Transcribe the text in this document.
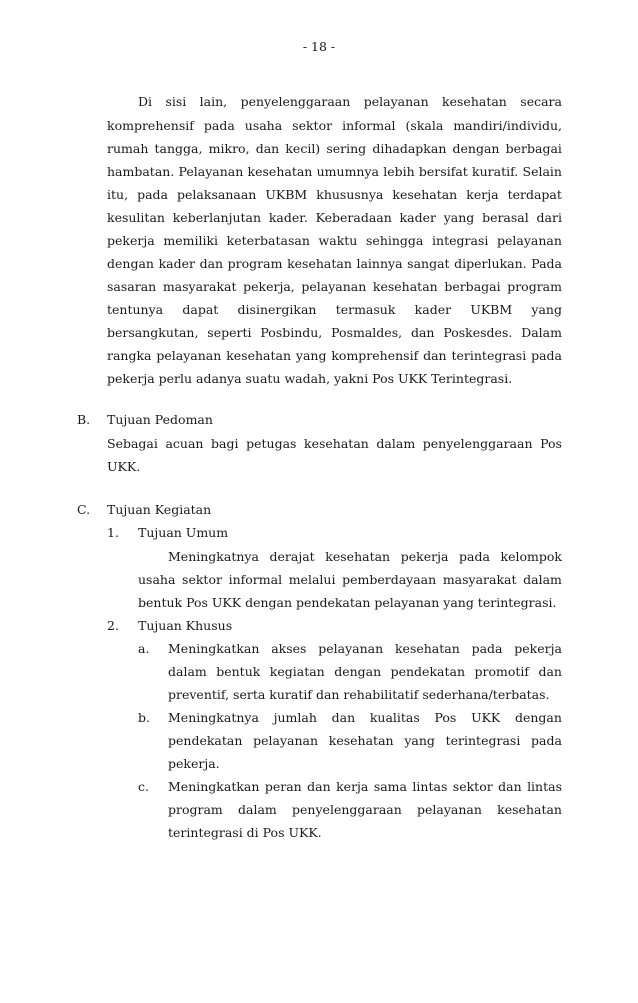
- 18 -
Di sisi lain, penyelenggaraan pelayanan kesehatan secara
komprehensif pada usaha sektor informal (skala mandiri/individu,
rumah tangga, mikro, dan kecil) sering dihadapkan dengan berbagai
hambatan. Pelayanan kesehatan umumnya lebih bersifat kuratif. Selain
itu, pada pelaksanaan UKBM khususnya kesehatan kerja terdapat
kesulitan keberlanjutan kader. Keberadaan kader yang berasal dari
pekerja memiliki keterbatasan waktu sehingga integrasi pelayanan
dengan kader dan program kesehatan lainnya sangat diperlukan. Pada
sasaran masyarakat pekerja, pelayanan kesehatan berbagai program
tentunya dapat disinergikan termasuk kader UKBM yang
bersangkutan, seperti Posbindu, Posmaldes, dan Poskesdes. Dalam
rangka pelayanan kesehatan yang komprehensif dan terintegrasi pada
pekerja perlu adanya suatu wadah, yakni Pos UKK Terintegrasi.
B. Tujuan Pedoman
Sebagai acuan bagi petugas kesehatan dalam penyelenggaraan Pos
UKK.
C. Tujuan Kegiatan
1. Tujuan Umum
Meningkatnya derajat kesehatan pekerja pada kelompok
usaha sektor informal melalui pemberdayaan masyarakat dalam
bentuk Pos UKK dengan pendekatan pelayanan yang terintegrasi.
2. Tujuan Khusus
a. Meningkatkan akses pelayanan kesehatan pada pekerja
dalam bentuk kegiatan dengan pendekatan promotif dan
preventif, serta kuratif dan rehabilitatif sederhana/terbatas.
b. Meningkatnya jumlah dan kualitas Pos UKK dengan
pendekatan pelayanan kesehatan yang terintegrasi pada
pekerja.
c. Meningkatkan peran dan kerja sama lintas sektor dan lintas
program dalam penyelenggaraan pelayanan kesehatan
terintegrasi di Pos UKK.
